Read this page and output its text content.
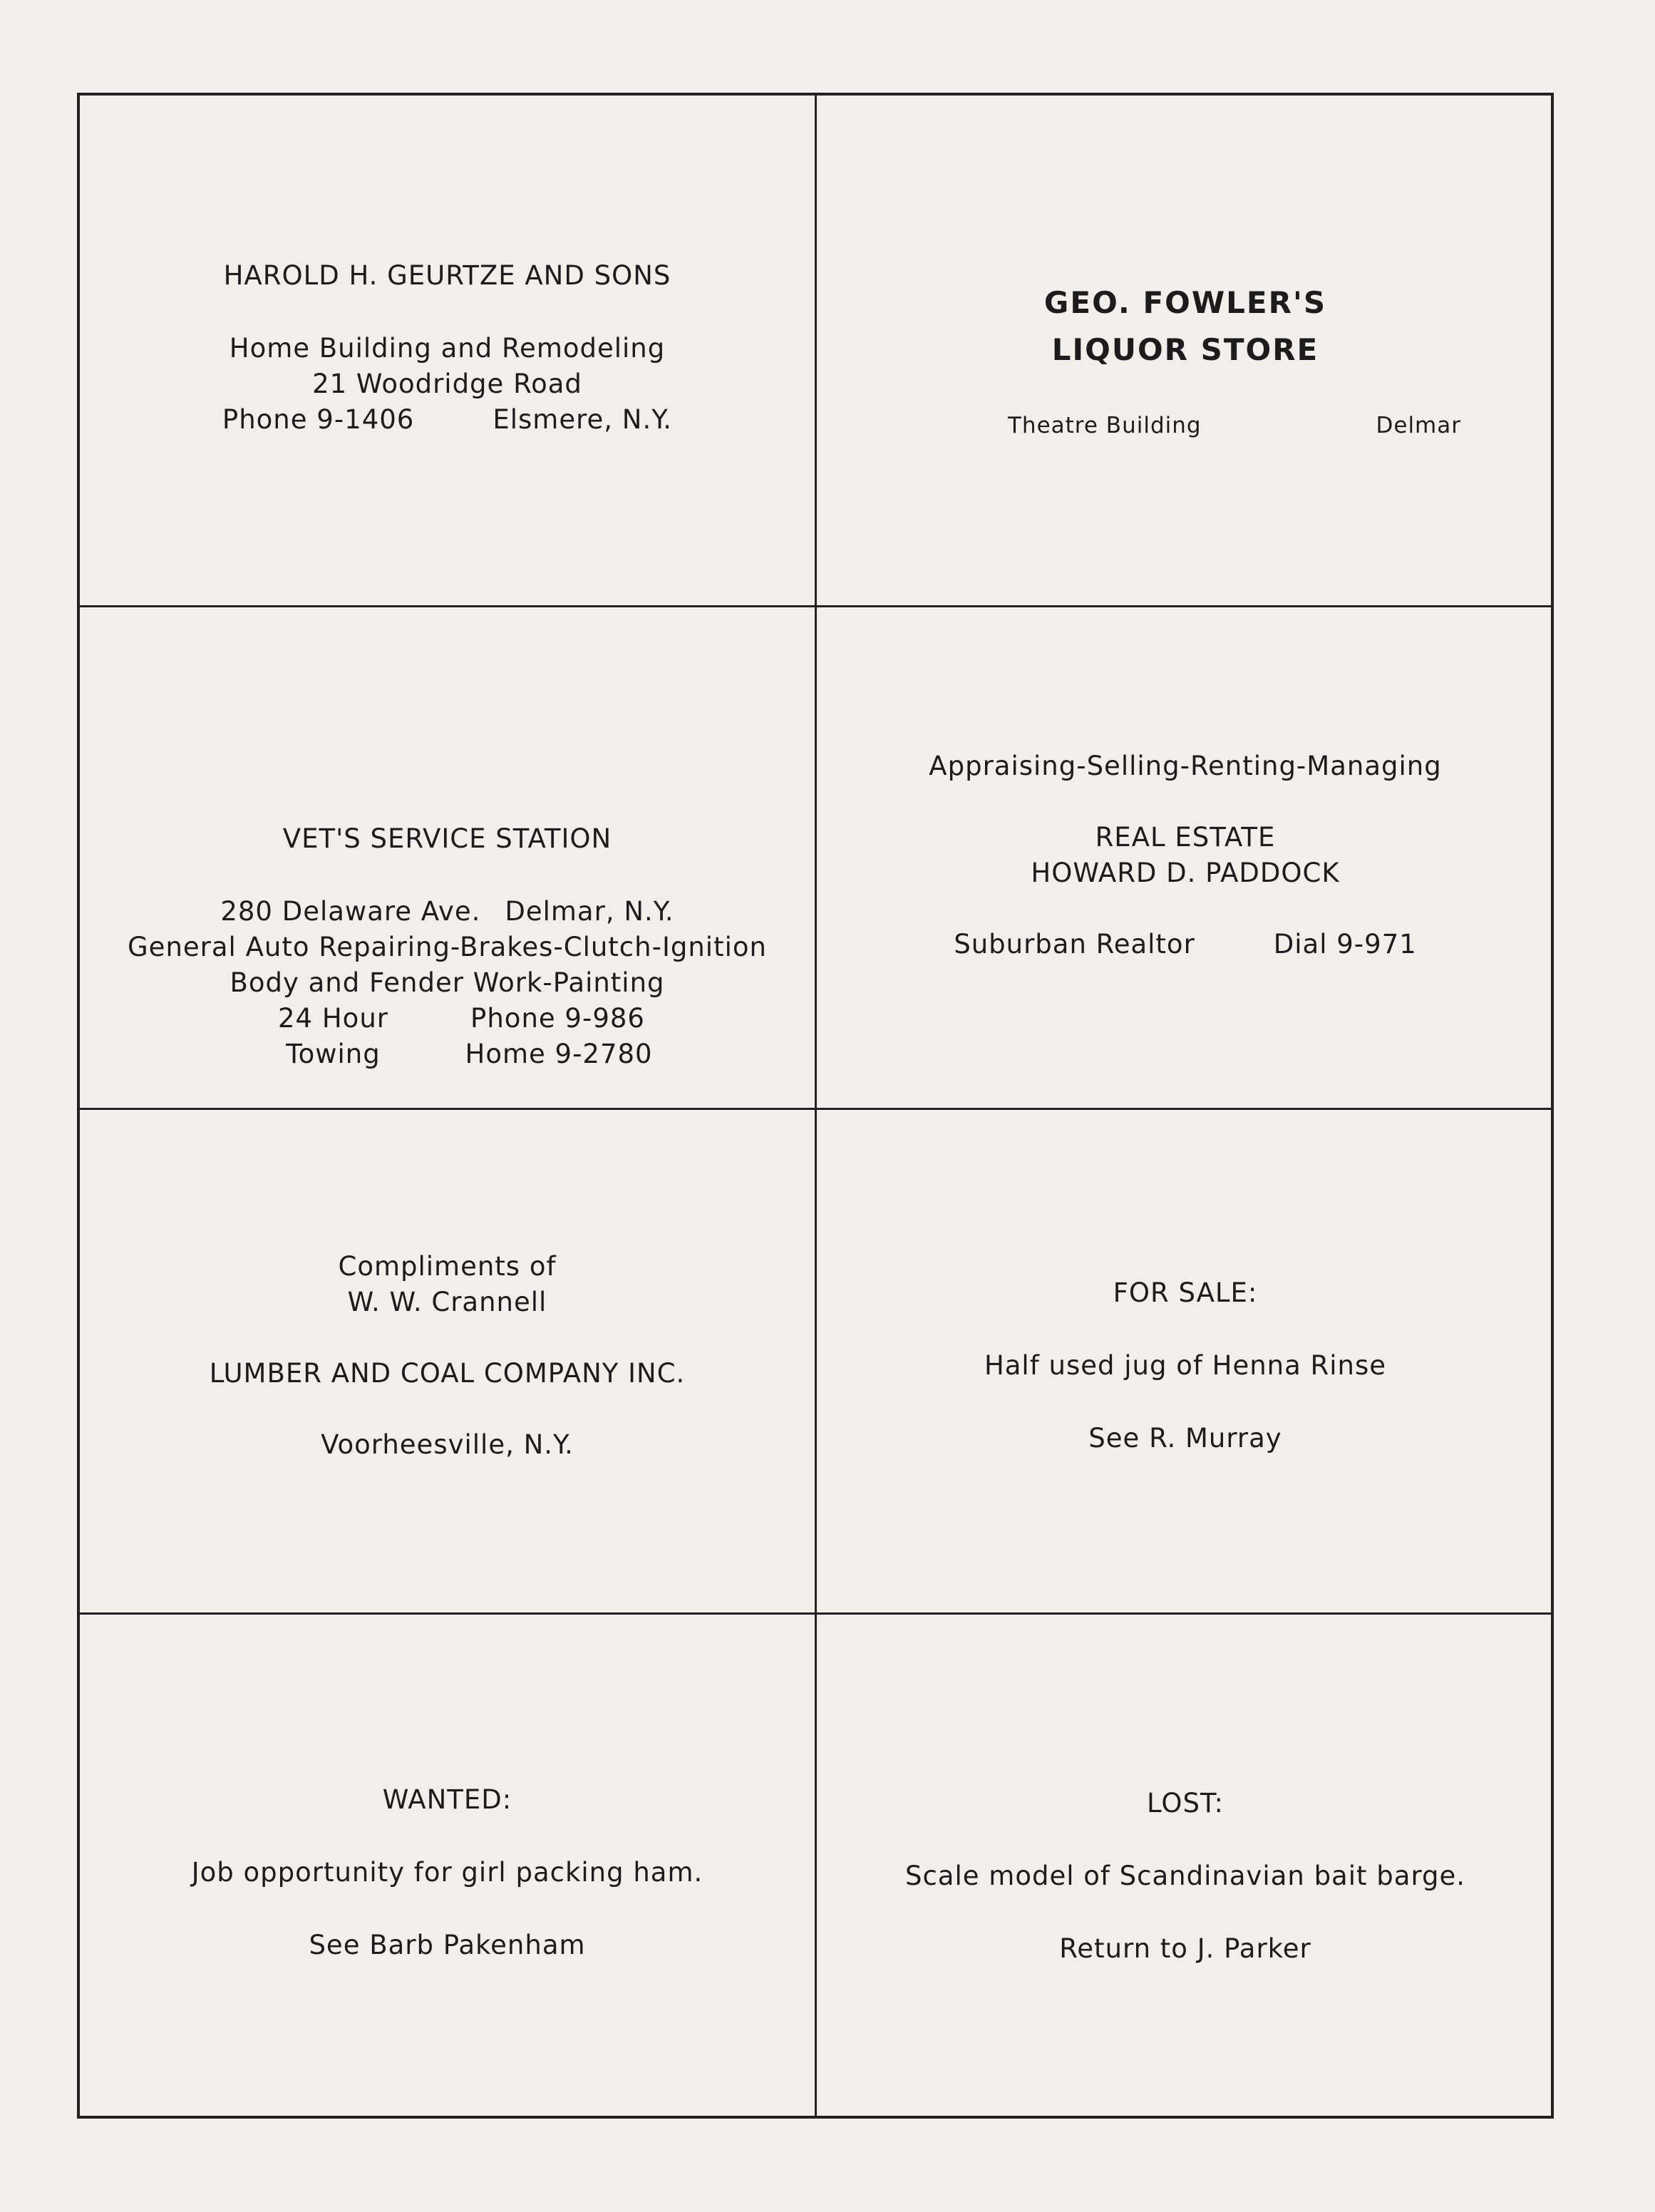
HAROLD H. GEURTZE AND SONS
Home Building and Remodeling
21 Woodridge Road
Phone 9-1406	Elsmere, N.Y.
GEO. FOWLER'S
LIQUOR STORE
Theatre Building	Delmar
VET'S SERVICE STATION
280 Delaware Ave. Delmar, N.Y.
General Auto Repairing-Brakes-Clutch-Ignition
Body and Fender Work-Painting
24 Hour	Phone 9-986
Towing	Home 9-2780
Appraising-Selling-Renting-Managing
REAL ESTATE
HOWARD D. PADDOCK
Suburban Realtor	Dial 9-971
Compliments of
W. W. Crannell
LUMBER AND COAL COMPANY INC.
Voorheesville, N.Y.
FOR SALE:
Half used jug of Henna Rinse
See R. Murray
WANTED:
Job opportunity for girl packing ham.
See Barb Pakenham
LOST:
Scale model of Scandinavian bait barge.
Return to J. Parker
